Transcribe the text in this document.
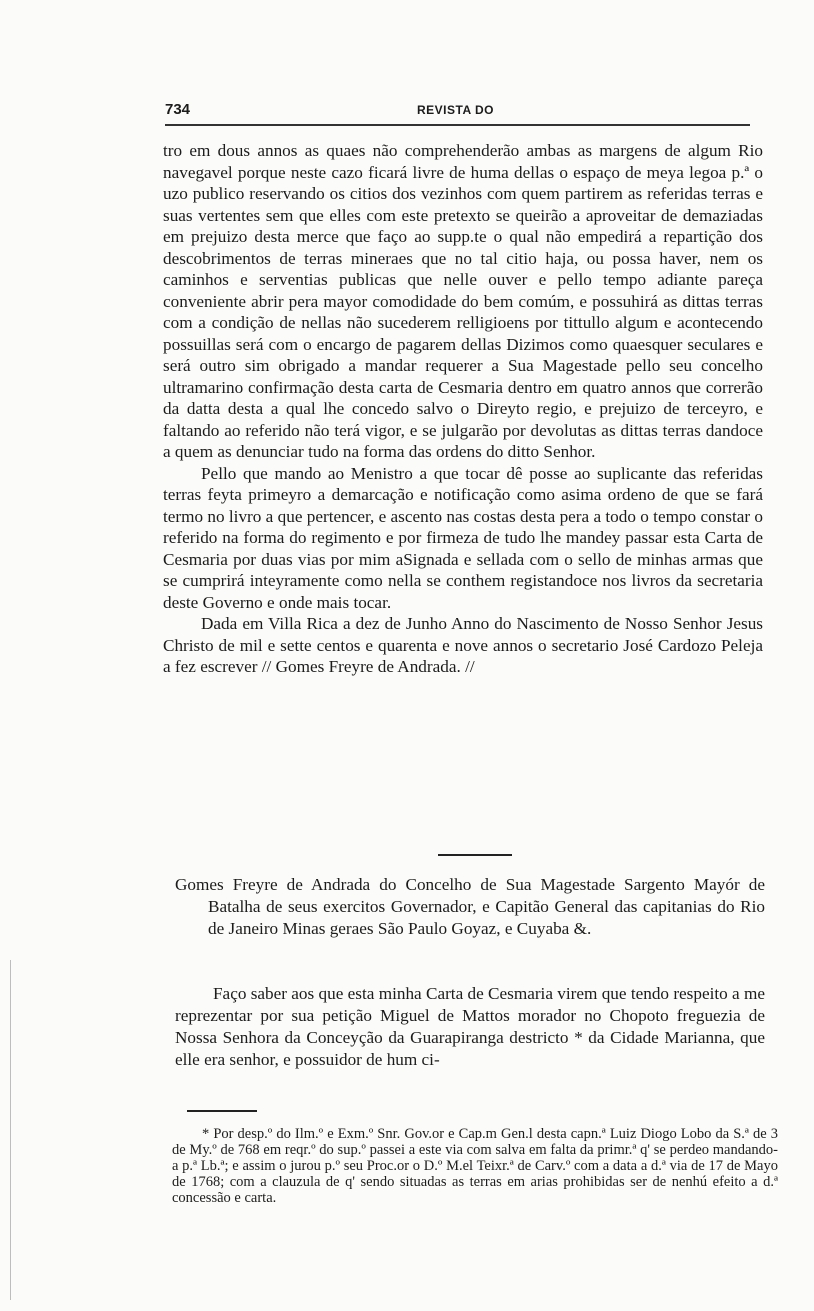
734	REVISTA DO

tro em dous annos as quaes não comprehenderão ambas as margens de algum Rio navegavel porque neste cazo ficará livre de huma dellas o espaço de meya legoa p.ª o uzo publico reservando os citios dos vezinhos com quem partirem as referidas terras e suas vertentes sem que elles com este pretexto se queirão a aproveitar de demaziadas em prejuizo desta merce que faço ao supp.te o qual não empedirá a repartição dos descobrimentos de terras mineraes que no tal citio haja, ou possa haver, nem os caminhos e serventias publicas que nelle ouver e pello tempo adiante pareça conveniente abrir pera mayor comodidade do bem comúm, e possuhirá as dittas terras com a condição de nellas não sucederem relligioens por tittullo algum e acontecendo possuillas será com o encargo de pagarem dellas Dizimos como quaesquer seculares e será outro sim obrigado a mandar requerer a Sua Magestade pello seu concelho ultramarino confirmação desta carta de Cesmaria dentro em quatro annos que correrão da datta desta a qual lhe concedo salvo o Direyto regio, e prejuizo de terceyro, e faltando ao referido não terá vigor, e se julgarão por devolutas as dittas terras dandoce a quem as denunciar tudo na forma das ordens do ditto Senhor.

Pello que mando ao Menistro a que tocar dê posse ao suplicante das referidas terras feyta primeyro a demarcação e notificação como asima ordeno de que se fará termo no livro a que pertencer, e ascento nas costas desta pera a todo o tempo constar o referido na forma do regimento e por firmeza de tudo lhe mandey passar esta Carta de Cesmaria por duas vias por mim aSignada e sellada com o sello de minhas armas que se cumprirá inteyramente como nella se conthem registandoce nos livros da secretaria deste Governo e onde mais tocar.

Dada em Villa Rica a dez de Junho Anno do Nascimento de Nosso Senhor Jesus Christo de mil e sette centos e quarenta e nove annos o secretario José Cardozo Peleja a fez escrever // Gomes Freyre de Andrada. //

Gomes Freyre de Andrada do Concelho de Sua Magestade Sargento Mayór de Batalha de seus exercitos Governador, e Capitão General das capitanias do Rio de Janeiro Minas geraes São Paulo Goyaz, e Cuyaba &.

Faço saber aos que esta minha Carta de Cesmaria virem que tendo respeito a me reprezentar por sua petição Miguel de Mattos morador no Chopoto freguezia de Nossa Senhora da Conceyção da Guarapiranga destricto * da Cidade Marianna, que elle era senhor, e possuidor de hum ci-

* Por desp.º do Ilm.º e Exm.º Snr. Gov.or e Cap.m Gen.l desta capn.ª Luiz Diogo Lobo da S.ª de 3 de My.º de 768 em reqr.º do sup.º passei a este via com salva em falta da primr.ª q' se perdeo mandando-a p.ª Lb.ª; e assim o jurou p.º seu Proc.or o D.º M.el Teixr.ª de Carv.º com a data a d.ª via de 17 de Mayo de 1768; com a clauzula de q' sendo situadas as terras em arias prohibidas ser de nenhú efeito a d.ª concessão e carta.
